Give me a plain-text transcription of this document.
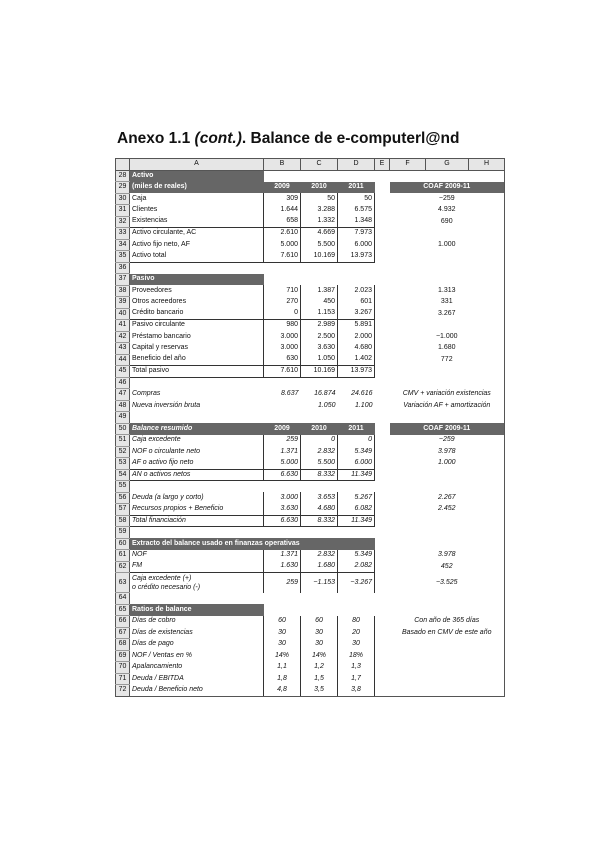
Anexo 1.1 (cont.). Balance de e-computerl@nd
	A	B	C	D	E	F	G	H
28	Activo							
29	(miles de reales)	2009	2010	2011		COAF 2009-11		
30	Caja	309	50	50		−259		
31	Clientes	1.644	3.288	6.575		4.932		
32	Existencias	658	1.332	1.348		690		
33	Activo circulante, AC	2.610	4.669	7.973				
34	Activo fijo neto, AF	5.000	5.500	6.000		1.000		
35	Activo total	7.610	10.169	13.973				
36								
37	Pasivo							
38	Proveedores	710	1.387	2.023		1.313		
39	Otros acreedores	270	450	601		331		
40	Crédito bancario	0	1.153	3.267		3.267		
41	Pasivo circulante	980	2.989	5.891				
42	Préstamo bancario	3.000	2.500	2.000		−1.000		
43	Capital y reservas	3.000	3.630	4.680		1.680		
44	Beneficio del año	630	1.050	1.402		772		
45	Total pasivo	7.610	10.169	13.973				
46								
47	Compras	8.637	16.874	24.616		CMV + variación existencias		
48	Nueva inversión bruta		1.050	1.100		Variación AF + amortización		
49								
50	Balance resumido	2009	2010	2011		COAF 2009-11		
51	Caja excedente	259	0	0		−259		
52	NOF o circulante neto	1.371	2.832	5.349		3.978		
53	AF o activo fijo neto	5.000	5.500	6.000		1.000		
54	AN o activos netos	6.630	8.332	11.349				
55								
56	Deuda (a largo y corto)	3.000	3.653	5.267		2.267		
57	Recursos propios + Beneficio	3.630	4.680	6.082		2.452		
58	Total financiación	6.630	8.332	11.349				
59								
60	Extracto del balance usado en finanzas operativas							
61	NOF	1.371	2.832	5.349		3.978		
62	FM	1.630	1.680	2.082		452		
63	Caja excedente (+)
o crédito necesario (-)	259	−1.153	−3.267		−3.525		
64								
65	Ratios de balance							
66	Días de cobro	60	60	80		Con año de 365 días		
67	Días de existencias	30	30	20		Basado en CMV de este año		
68	Días de pago	30	30	30				
69	NOF / Ventas en %	14%	14%	18%				
70	Apalancamiento	1,1	1,2	1,3				
71	Deuda / EBITDA	1,8	1,5	1,7				
72	Deuda / Beneficio neto	4,8	3,5	3,8				
